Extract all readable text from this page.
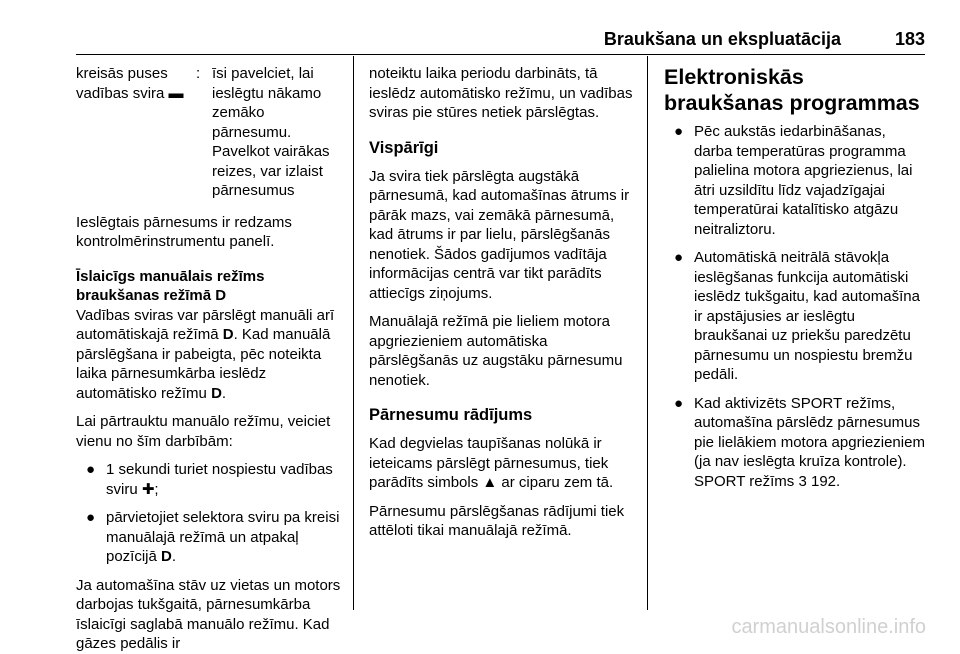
Braukšana un ekspluatācija	183
kreisās puses vadības svira ▬	:	īsi pavelciet, lai ieslēgtu nākamo zemāko pārnesumu. Pavelkot vairākas reizes, var izlaist pārnesumus

Ieslēgtais pārnesums ir redzams kontrolmērinstrumentu panelī.

Īslaicīgs manuālais režīms braukšanas režīmā D

Vadības sviras var pārslēgt manuāli arī automātiskajā režīmā D. Kad manuālā pārslēgšana ir pabeigta, pēc noteikta laika pārnesumkārba ieslēdz automātisko režīmu D.

Lai pārtrauktu manuālo režīmu, veiciet vienu no šīm darbībām:

● 1 sekundi turiet nospiestu vadības sviru ✚;
● pārvietojiet selektora sviru pa kreisi manuālajā režīmā un atpakaļ pozīcijā D.

Ja automašīna stāv uz vietas un motors darbojas tukšgaitā, pārnesumkārba īslaicīgi saglabā manuālo režīmu. Kad gāzes pedālis ir

noteiktu laika periodu darbināts, tā ieslēdz automātisko režīmu, un vadības sviras pie stūres netiek pārslēgtas.

Vispārīgi

Ja svira tiek pārslēgta augstākā pārnesumā, kad automašīnas ātrums ir pārāk mazs, vai zemākā pārnesumā, kad ātrums ir par lielu, pārslēgšanās nenotiek. Šādos gadījumos vadītāja informācijas centrā var tikt parādīts attiecīgs ziņojums.

Manuālajā režīmā pie lieliem motora apgriezieniem automātiska pārslēgšanās uz augstāku pārnesumu nenotiek.

Pārnesumu rādījums

Kad degvielas taupīšanas nolūkā ir ieteicams pārslēgt pārnesumus, tiek parādīts simbols ▲ ar ciparu zem tā.

Pārnesumu pārslēgšanas rādījumi tiek attēloti tikai manuālajā režīmā.

Elektroniskās braukšanas programmas
● Pēc aukstās iedarbināšanas, darba temperatūras programma palielina motora apgriezienus, lai ātri uzsildītu līdz vajadzīgajai temperatūrai katalītisko atgāzu neitraliztoru.
● Automātiskā neitrālā stāvokļa ieslēgšanas funkcija automātiski ieslēdz tukšgaitu, kad automašīna ir apstājusies ar ieslēgtu braukšanai uz priekšu paredzētu pārnesumu un nospiestu bremžu pedāli.
● Kad aktivizēts SPORT režīms, automašīna pārslēdz pārnesumus pie lielākiem motora apgriezieniem (ja nav ieslēgta kruīza kontrole). SPORT režīms 3 192.
carmanualsonline.info
